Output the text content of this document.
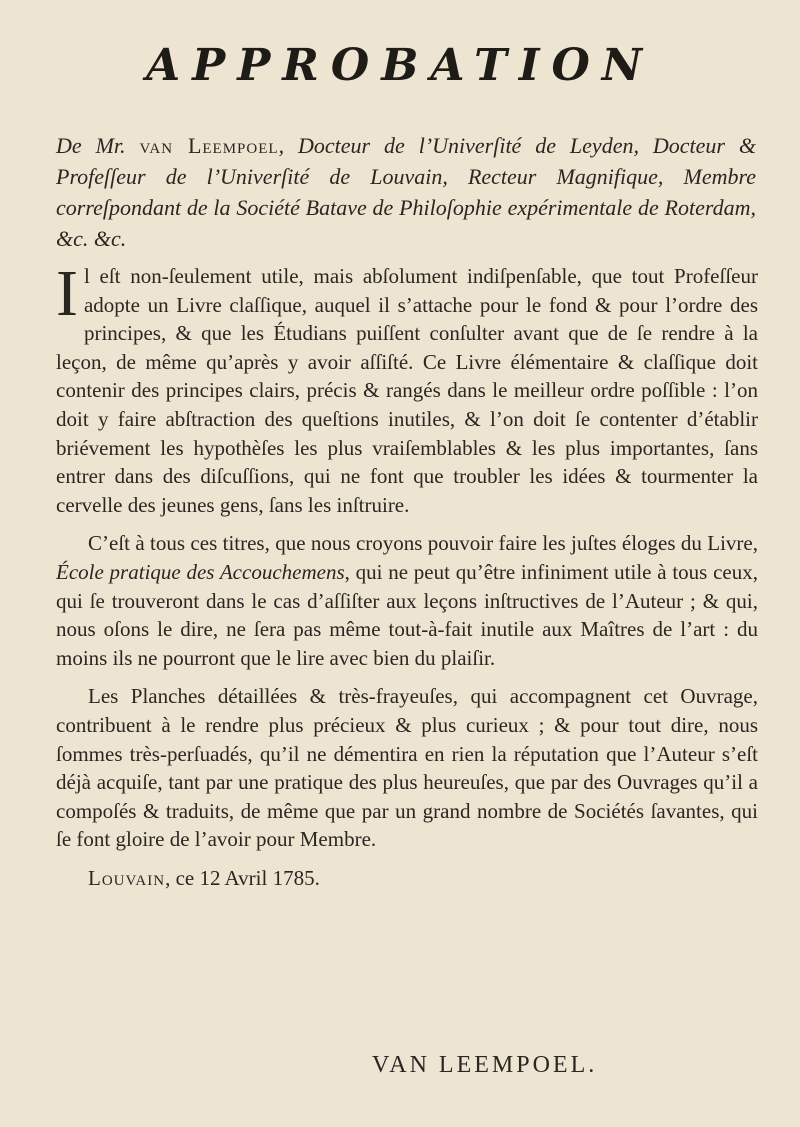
APPROBATION
De Mr. van Leempoel, Docteur de l’Univerſité de Leyden, Docteur & Profeſſeur de l’Univerſité de Louvain, Recteur Magnifique, Membre correſpondant de la Société Batave de Philoſophie expérimentale de Roterdam, &c. &c.

Il eſt non-ſeulement utile, mais abſolument indiſpenſable, que tout Profeſſeur adopte un Livre claſſique, auquel il s’attache pour le fond & pour l’ordre des principes, & que les Étudians puiſſent conſulter avant que de ſe rendre à la leçon, de même qu’après y avoir aſſiſté. Ce Livre élémentaire & claſſique doit contenir des principes clairs, précis & rangés dans le meilleur ordre poſſible : l’on doit y faire abſtraction des queſtions inutiles, & l’on doit ſe contenter d’établir briévement les hypothèſes les plus vraiſemblables & les plus importantes, ſans entrer dans des diſcuſſions, qui ne font que troubler les idées & tourmenter la cervelle des jeunes gens, ſans les inſtruire.

C’eſt à tous ces titres, que nous croyons pouvoir faire les juſtes éloges du Livre, École pratique des Accouchemens, qui ne peut qu’être infiniment utile à tous ceux, qui ſe trouveront dans le cas d’aſſiſter aux leçons inſtructives de l’Auteur ; & qui, nous oſons le dire, ne ſera pas même tout-à-fait inutile aux Maîtres de l’art : du moins ils ne pourront que le lire avec bien du plaiſir.

Les Planches détaillées & très-frayeuſes, qui accompagnent cet Ouvrage, contribuent à le rendre plus précieux & plus curieux ; & pour tout dire, nous ſommes très-perſuadés, qu’il ne démentira en rien la réputation que l’Auteur s’eſt déjà acquiſe, tant par une pratique des plus heureuſes, que par des Ouvrages qu’il a compoſés & traduits, de même que par un grand nombre de Sociétés ſavantes, qui ſe font gloire de l’avoir pour Membre.

Louvain, ce 12 Avril 1785.

VAN LEEMPOEL.
